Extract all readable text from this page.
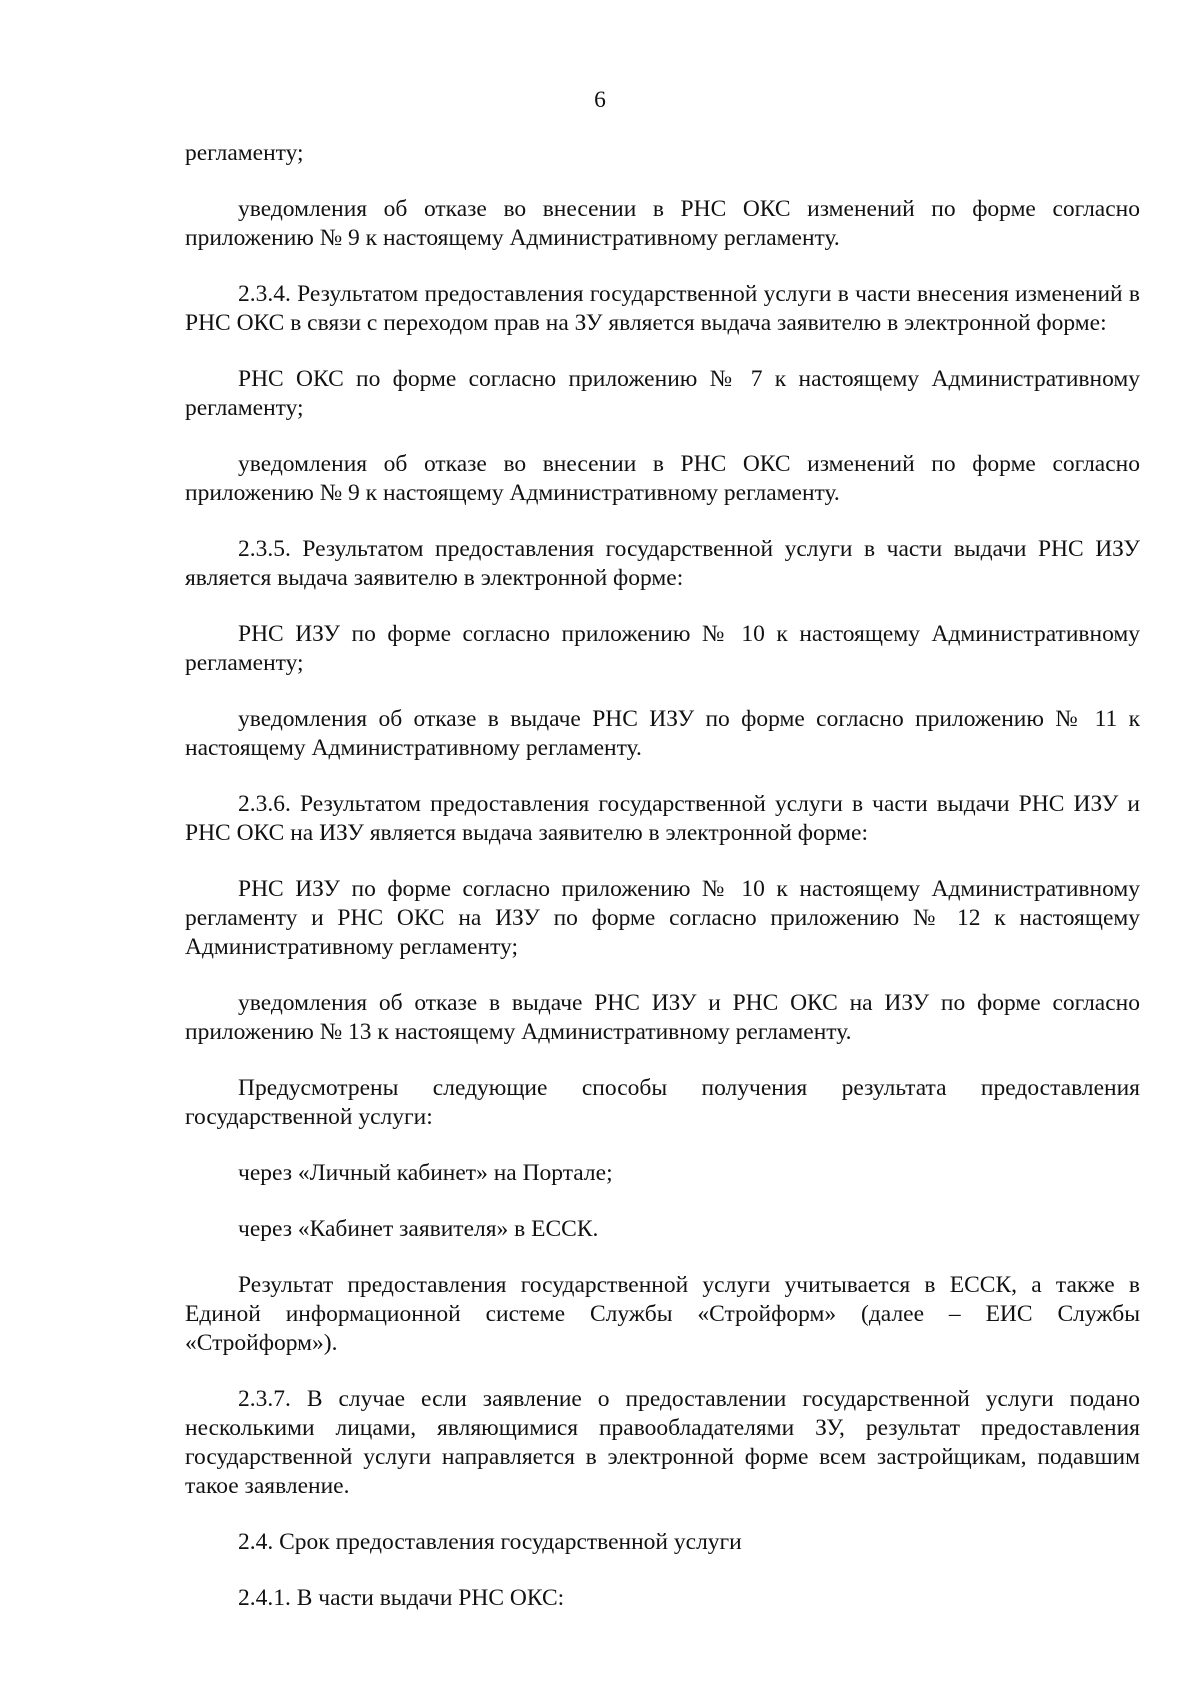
6

регламенту;

уведомления об отказе во внесении в РНС ОКС изменений по форме согласно приложению № 9 к настоящему Административному регламенту.

2.3.4. Результатом предоставления государственной услуги в части внесения изменений в РНС ОКС в связи с переходом прав на ЗУ является выдача заявителю в электронной форме:

РНС ОКС по форме согласно приложению № 7 к настоящему Административному регламенту;

уведомления об отказе во внесении в РНС ОКС изменений по форме согласно приложению № 9 к настоящему Административному регламенту.

2.3.5. Результатом предоставления государственной услуги в части выдачи РНС ИЗУ является выдача заявителю в электронной форме:

РНС ИЗУ по форме согласно приложению № 10 к настоящему Административному регламенту;

уведомления об отказе в выдаче РНС ИЗУ по форме согласно приложению № 11 к настоящему Административному регламенту.

2.3.6. Результатом предоставления государственной услуги в части выдачи РНС ИЗУ и РНС ОКС на ИЗУ является выдача заявителю в электронной форме:

РНС ИЗУ по форме согласно приложению № 10 к настоящему Административному регламенту и РНС ОКС на ИЗУ по форме согласно приложению № 12 к настоящему Административному регламенту;

уведомления об отказе в выдаче РНС ИЗУ и РНС ОКС на ИЗУ по форме согласно приложению № 13 к настоящему Административному регламенту.

Предусмотрены следующие способы получения результата предоставления государственной услуги:

через «Личный кабинет» на Портале;

через «Кабинет заявителя» в ЕССК.

Результат предоставления государственной услуги учитывается в ЕССК, а также в Единой информационной системе Службы «Стройформ» (далее – ЕИС Службы «Стройформ»).

2.3.7. В случае если заявление о предоставлении государственной услуги подано несколькими лицами, являющимися правообладателями ЗУ, результат предоставления государственной услуги направляется в электронной форме всем застройщикам, подавшим такое заявление.

2.4. Срок предоставления государственной услуги

2.4.1. В части выдачи РНС ОКС:
